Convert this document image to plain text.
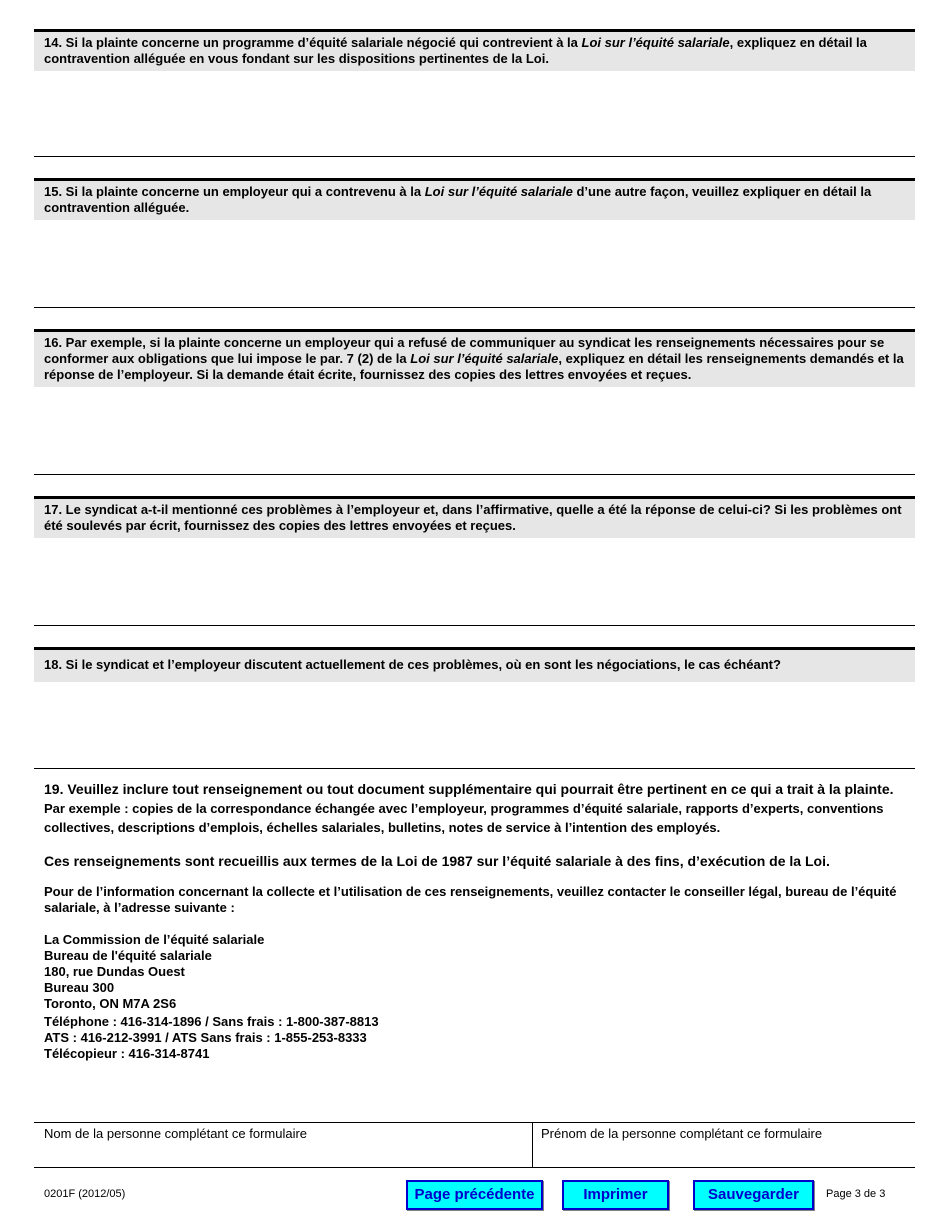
14. Si la plainte concerne un programme d’équité salariale négocié qui contrevient à la Loi sur l’équité salariale, expliquez en détail la contravention alléguée en vous fondant sur les dispositions pertinentes de la Loi.
15. Si la plainte concerne un employeur qui a contrevenu à la Loi sur l’équité salariale d’une autre façon, veuillez expliquer en détail la contravention alléguée.
16. Par exemple, si la plainte concerne un employeur qui a refusé de communiquer au syndicat les renseignements nécessaires pour se conformer aux obligations que lui impose le par. 7 (2) de la Loi sur l’équité salariale, expliquez en détail les renseignements demandés et la réponse de l’employeur. Si la demande était écrite, fournissez des copies des lettres envoyées et reçues.
17. Le syndicat a-t-il mentionné ces problèmes à l’employeur et, dans l’affirmative, quelle a été la réponse de celui-ci? Si les problèmes ont été soulevés par écrit, fournissez des copies des lettres envoyées et reçues.
18. Si le syndicat et l’employeur discutent actuellement de ces problèmes, où en sont les négociations, le cas échéant?
19. Veuillez inclure tout renseignement ou tout document supplémentaire qui pourrait être pertinent en ce qui a trait à la plainte. Par exemple : copies de la correspondance échangée avec l’employeur, programmes d’équité salariale, rapports d’experts, conventions collectives, descriptions d’emplois, échelles salariales, bulletins, notes de service à l’intention des employés.
Ces renseignements sont recueillis aux termes de la Loi de 1987 sur l’équité salariale à des fins, d’exécution de la Loi.
Pour de l’information concernant la collecte et l’utilisation de ces renseignements, veuillez contacter le conseiller légal, bureau de l’équité salariale, à l’adresse suivante :
La Commission de l’équité salariale
Bureau de l'équité salariale
180, rue Dundas Ouest
Bureau 300
Toronto, ON M7A 2S6
Téléphone : 416-314-1896 / Sans frais : 1-800-387-8813
ATS : 416-212-3991 / ATS Sans frais : 1-855-253-8333
Télécopieur : 416-314-8741
Nom de la personne complétant ce formulaire	Prénom de la personne complétant ce formulaire
0201F (2012/05)	Page précédente	Imprimer	Sauvegarder	Page 3 de 3
